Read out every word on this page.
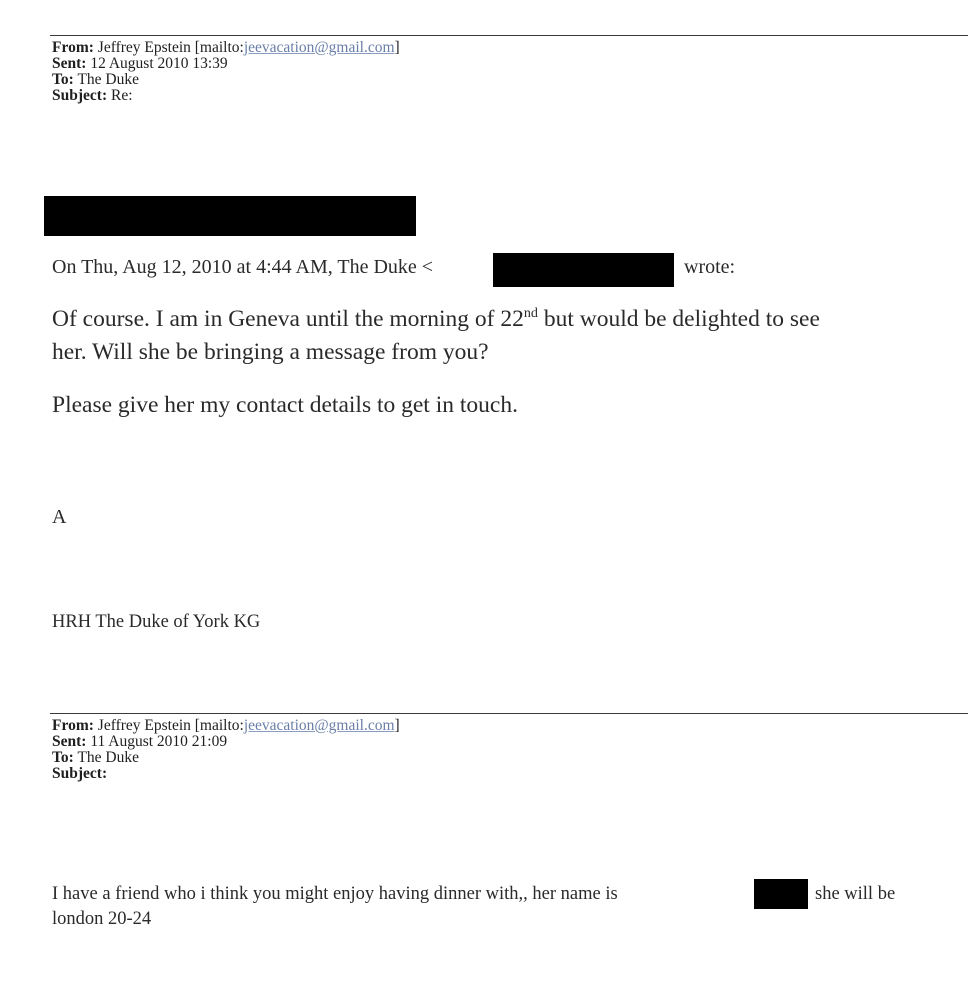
From: Jeffrey Epstein [mailto:jeevacation@gmail.com]
Sent: 12 August 2010 13:39
To: The Duke
Subject: Re:
On Thu, Aug 12, 2010 at 4:44 AM, The Duke <	wrote:
Of course. I am in Geneva until the morning of 22nd but would be delighted to see
her. Will she be bringing a message from you?
Please give her my contact details to get in touch.
A
HRH The Duke of York KG
From: Jeffrey Epstein [mailto:jeevacation@gmail.com]
Sent: 11 August 2010 21:09
To: The Duke
Subject:
I have a friend who i think you might enjoy having dinner with,, her name is	she will be
london 20-24
